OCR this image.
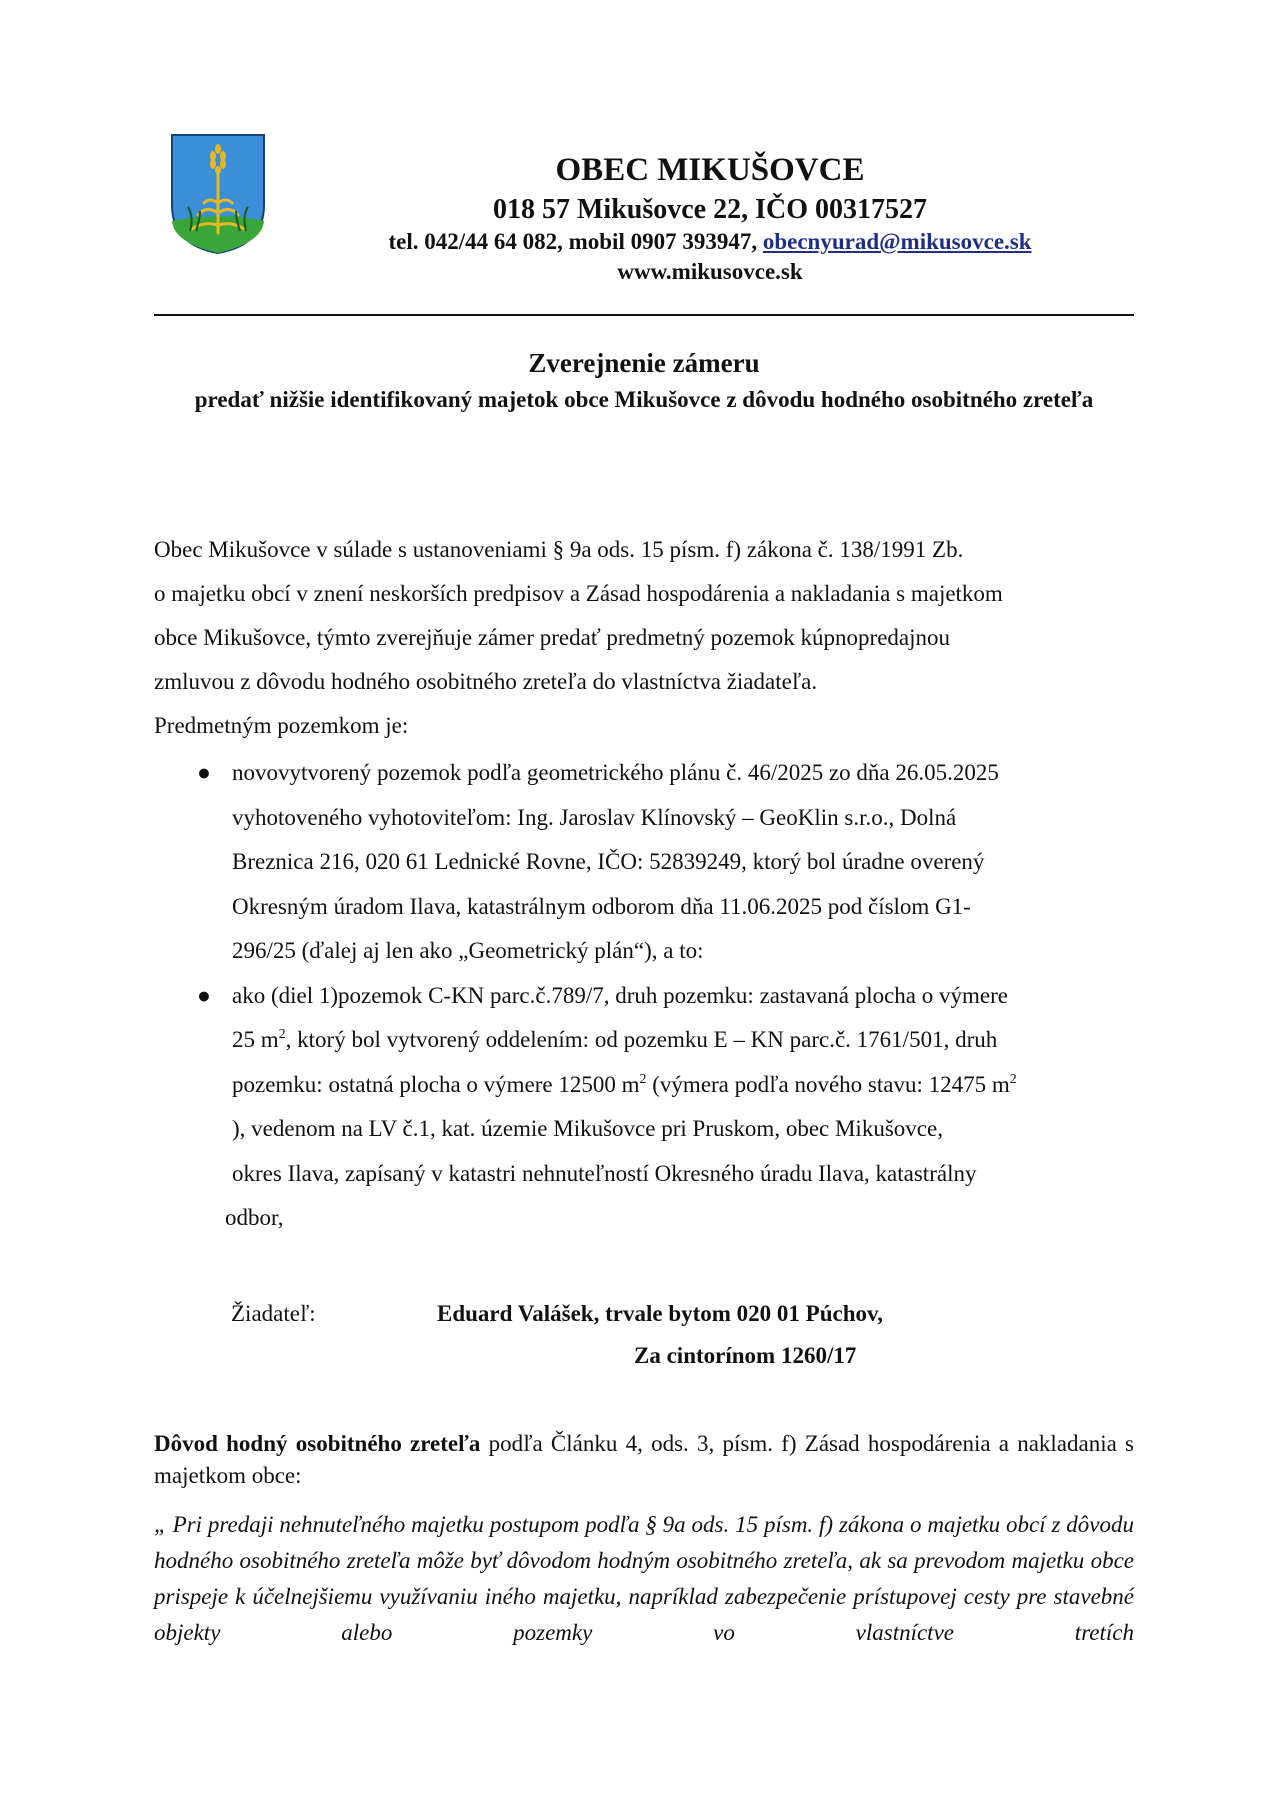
OBEC MIKUŠOVCE
018 57 Mikušovce 22, IČO 00317527
tel. 042/44 64 082, mobil 0907 393947, obecnyurad@mikusovce.sk
www.mikusovce.sk
Zverejnenie zámeru
predať nižšie identifikovaný majetok obce Mikušovce z dôvodu hodného osobitného zreteľa

Obec Mikušovce v súlade s ustanoveniami § 9a ods. 15 písm. f) zákona č. 138/1991 Zb.

o majetku obcí v znení neskorších predpisov a Zásad hospodárenia a nakladania s majetkom

obce Mikušovce, týmto zverejňuje zámer predať predmetný pozemok kúpnopredajnou

zmluvou z dôvodu hodného osobitného zreteľa do vlastníctva žiadateľa.

Predmetným pozemkom je:

● novovytvorený pozemok podľa geometrického plánu č. 46/2025 zo dňa 26.05.2025
vyhotoveného vyhotoviteľom: Ing. Jaroslav Klínovský – GeoKlin s.r.o., Dolná
Breznica 216, 020 61 Lednické Rovne, IČO: 52839249, ktorý bol úradne overený
Okresným úradom Ilava, katastrálnym odborom dňa 11.06.2025 pod číslom G1-
296/25 (ďalej aj len ako „Geometrický plán“), a to:
● ako (diel 1)pozemok C-KN parc.č.789/7, druh pozemku: zastavaná plocha o výmere
25 $m^2$, ktorý bol vytvorený oddelením: od pozemku E – KN parc.č. 1761/501, druh
pozemku: ostatná plocha o výmere 12500 $m^2$ (výmera podľa nového stavu: 12475 $m^2$
), vedenom na LV č.1, kat. územie Mikušovce pri Pruskom, obec Mikušovce,
okres Ilava, zapísaný v katastri nehnuteľností Okresného úradu Ilava, katastrálny
odbor,
Žiadateľ:	Eduard Valášek, trvale bytom 020 01 Púchov,
Za cintorínom 1260/17

Dôvod hodný osobitného zreteľa podľa Článku 4, ods. 3, písm. f) Zásad hospodárenia a nakladania s majetkom obce:

„ Pri predaji nehnuteľného majetku postupom podľa § 9a ods. 15 písm. f) zákona o majetku obcí z dôvodu hodného osobitného zreteľa môže byť dôvodom hodným osobitného zreteľa, ak sa prevodom majetku obce prispeje k účelnejšiemu využívaniu iného majetku, napríklad zabezpečenie prístupovej cesty pre stavebné objekty alebo pozemky vo vlastníctve tretích
